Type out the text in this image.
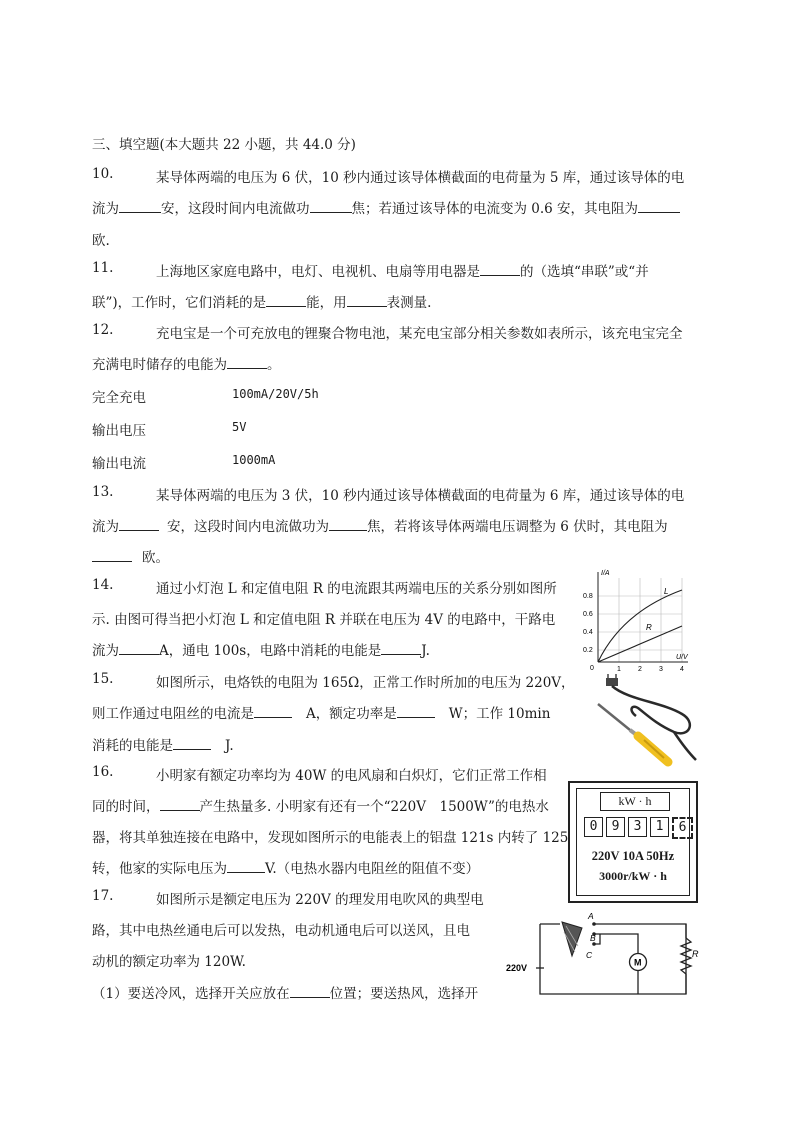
三、填空题(本大题共 22 小题，共 44.0 分)
10.	某导体两端的电压为 6 伏，10 秒内通过该导体横截面的电荷量为 5 库，通过该导体的电
流为	安，这段时间内电流做功	焦；若通过该导体的电流变为 0.6 安，其电阻为
欧.
11.	上海地区家庭电路中，电灯、电视机、电扇等用电器是	的（选填“串联”或“并
联”)，工作时，它们消耗的是	能，用	表测量.
12.	充电宝是一个可充放电的锂聚合物电池，某充电宝部分相关参数如表所示，该充电宝完全
充满电时储存的电能为	。
完全充电	100mA/20V/5h
输出电压	5V
输出电流	1000mA
13.	某导体两端的电压为 3 伏，10 秒内通过该导体横截面的电荷量为 6 库，通过该导体的电
流为	安，这段时间内电流做功为	焦，若将该导体两端电压调整为 6 伏时，其电阻为
欧。
14.	通过小灯泡 L 和定值电阻 R 的电流跟其两端电压的关系分别如图所
示. 由图可得当把小灯泡 L 和定值电阻 R 并联在电压为 4V 的电路中，干路电
流为	A，通电 100s，电路中消耗的电能是	J.
I/A
U/V
0.8
0.6
0.4
0.2
0	1 2 3 4
L
R
15.	如图所示，电烙铁的电阻为 165Ω，正常工作时所加的电压为 220V，
则工作通过电阻丝的电流是	A，额定功率是	W；工作 10min
消耗的电能是	J.
16.	小明家有额定功率均为 40W 的电风扇和白炽灯，它们正常工作相
同的时间，	产生热量多. 小明家有还有一个“220V　1500W”的电热水
器，将其单独连接在电路中，发现如图所示的电能表上的铝盘 121s 内转了 125
转，他家的实际电压为	V.（电热水器内电阻丝的阻值不变）
kW · h
0	9	3	1	6
220V 10A 50Hz
3000r/kW · h
17.	如图所示是额定电压为 220V 的理发用电吹风的典型电
路，其中电热丝通电后可以发热，电动机通电后可以送风，且电
动机的额定功率为 120W.
（1）要送冷风，选择开关应放在	位置；要送热风，选择开
220V
A
B
C
M
R
